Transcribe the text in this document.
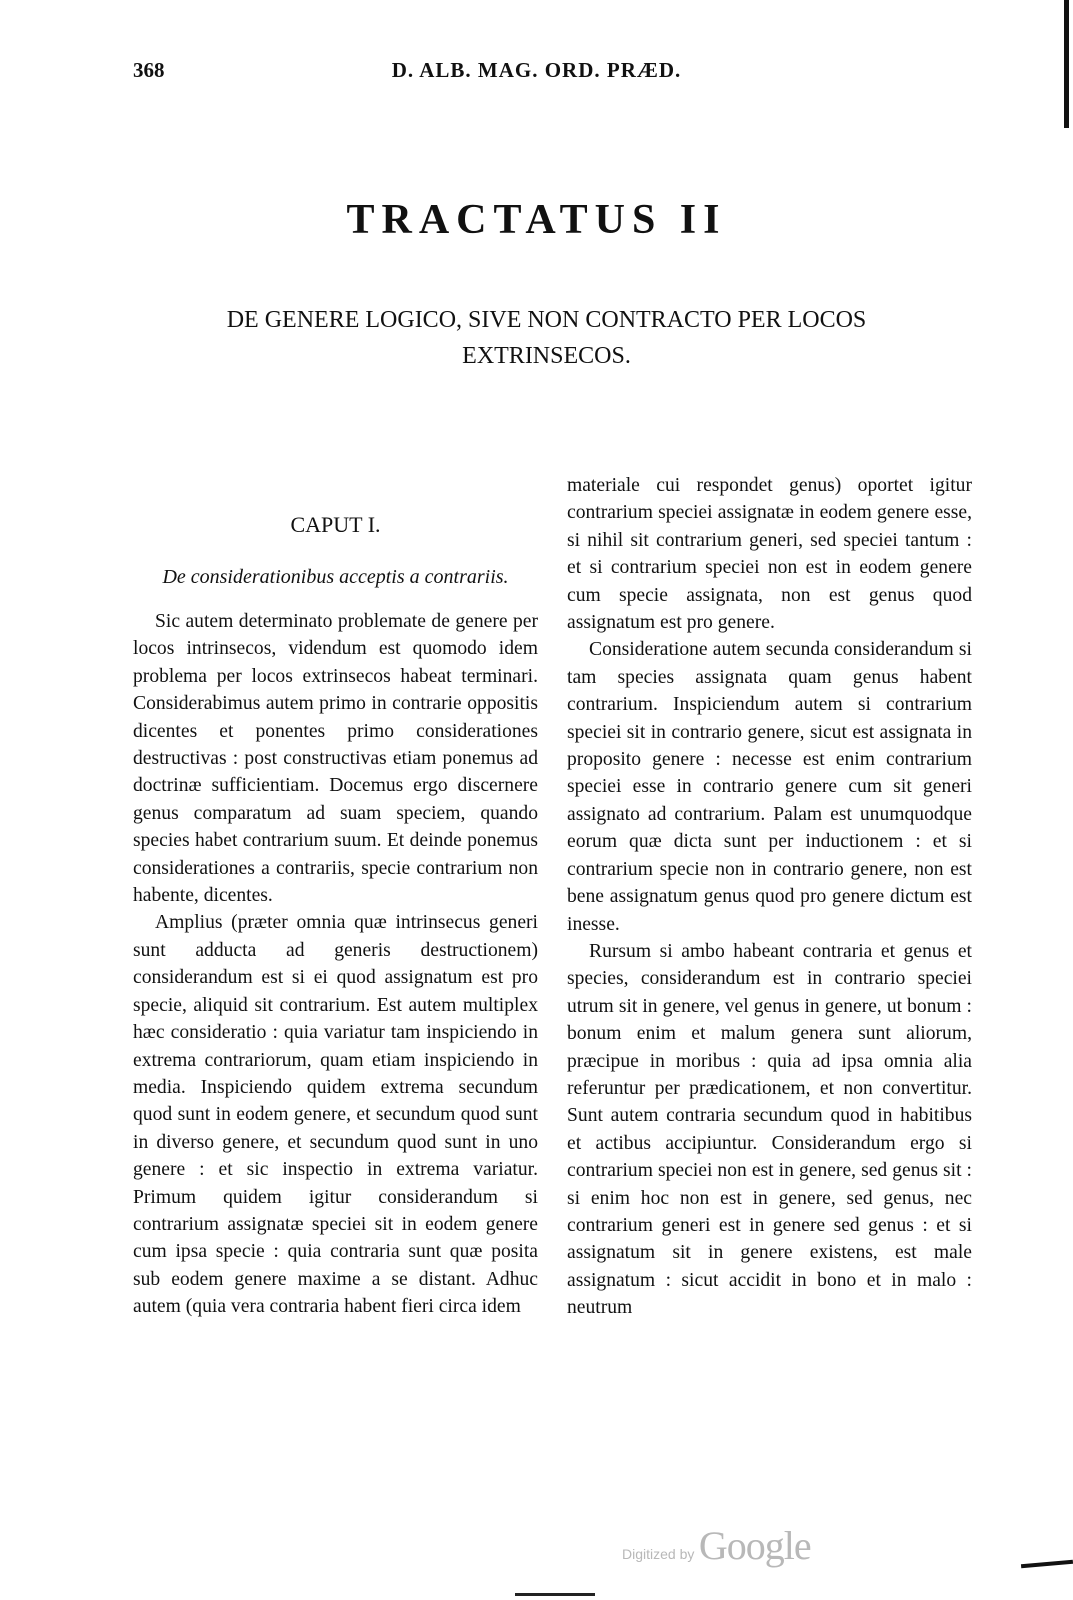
368	D. ALB. MAG. ORD. PRÆD.
TRACTATUS II
DE GENERE LOGICO, SIVE NON CONTRACTO PER LOCOS
EXTRINSECOS.
CAPUT I.
De considerationibus acceptis a contrariis.

Sic autem determinato problemate de genere per locos intrinsecos, videndum est quomodo idem problema per locos extrinsecos habeat terminari. Considerabimus autem primo in contrarie oppositis dicentes et ponentes primo considerationes destructivas : post constructivas etiam ponemus ad doctrinæ sufficientiam. Docemus ergo discernere genus comparatum ad suam speciem, quando species habet contrarium suum. Et deinde ponemus considerationes a contrariis, specie contrarium non habente, dicentes.

Amplius (præter omnia quæ intrinsecus generi sunt adducta ad generis destructionem) considerandum est si ei quod assignatum est pro specie, aliquid sit contrarium. Est autem multiplex hæc consideratio : quia variatur tam inspiciendo in extrema contrariorum, quam etiam inspiciendo in media. Inspiciendo quidem extrema secundum quod sunt in eodem genere, et secundum quod sunt in diverso genere, et secundum quod sunt in uno genere : et sic inspectio in extrema variatur. Primum quidem igitur considerandum si contrarium assignatæ speciei sit in eodem genere cum ipsa specie : quia contraria sunt quæ posita sub eodem genere maxime a se distant. Adhuc autem (quia vera contraria habent fieri circa idem

materiale cui respondet genus) oportet igitur contrarium speciei assignatæ in eodem genere esse, si nihil sit contrarium generi, sed speciei tantum : et si contrarium speciei non est in eodem genere cum specie assignata, non est genus quod assignatum est pro genere.

Consideratione autem secunda considerandum si tam species assignata quam genus habent contrarium. Inspiciendum autem si contrarium speciei sit in contrario genere, sicut est assignata in proposito genere : necesse est enim contrarium speciei esse in contrario genere cum sit generi assignato ad contrarium. Palam est unumquodque eorum quæ dicta sunt per inductionem : et si contrarium specie non in contrario genere, non est bene assignatum genus quod pro genere dictum est inesse.

Rursum si ambo habeant contraria et genus et species, considerandum est in contrario speciei utrum sit in genere, vel genus in genere, ut bonum : bonum enim et malum genera sunt aliorum, præcipue in moribus : quia ad ipsa omnia alia referuntur per prædicationem, et non convertitur. Sunt autem contraria secundum quod in habitibus et actibus accipiuntur. Considerandum ergo si contrarium speciei non est in genere, sed genus sit : si enim hoc non est in genere, sed genus, nec contrarium generi est in genere sed genus : et si assignatum sit in genere existens, est male assignatum : sicut accidit in bono et in malo : neutrum

Digitized by Google
